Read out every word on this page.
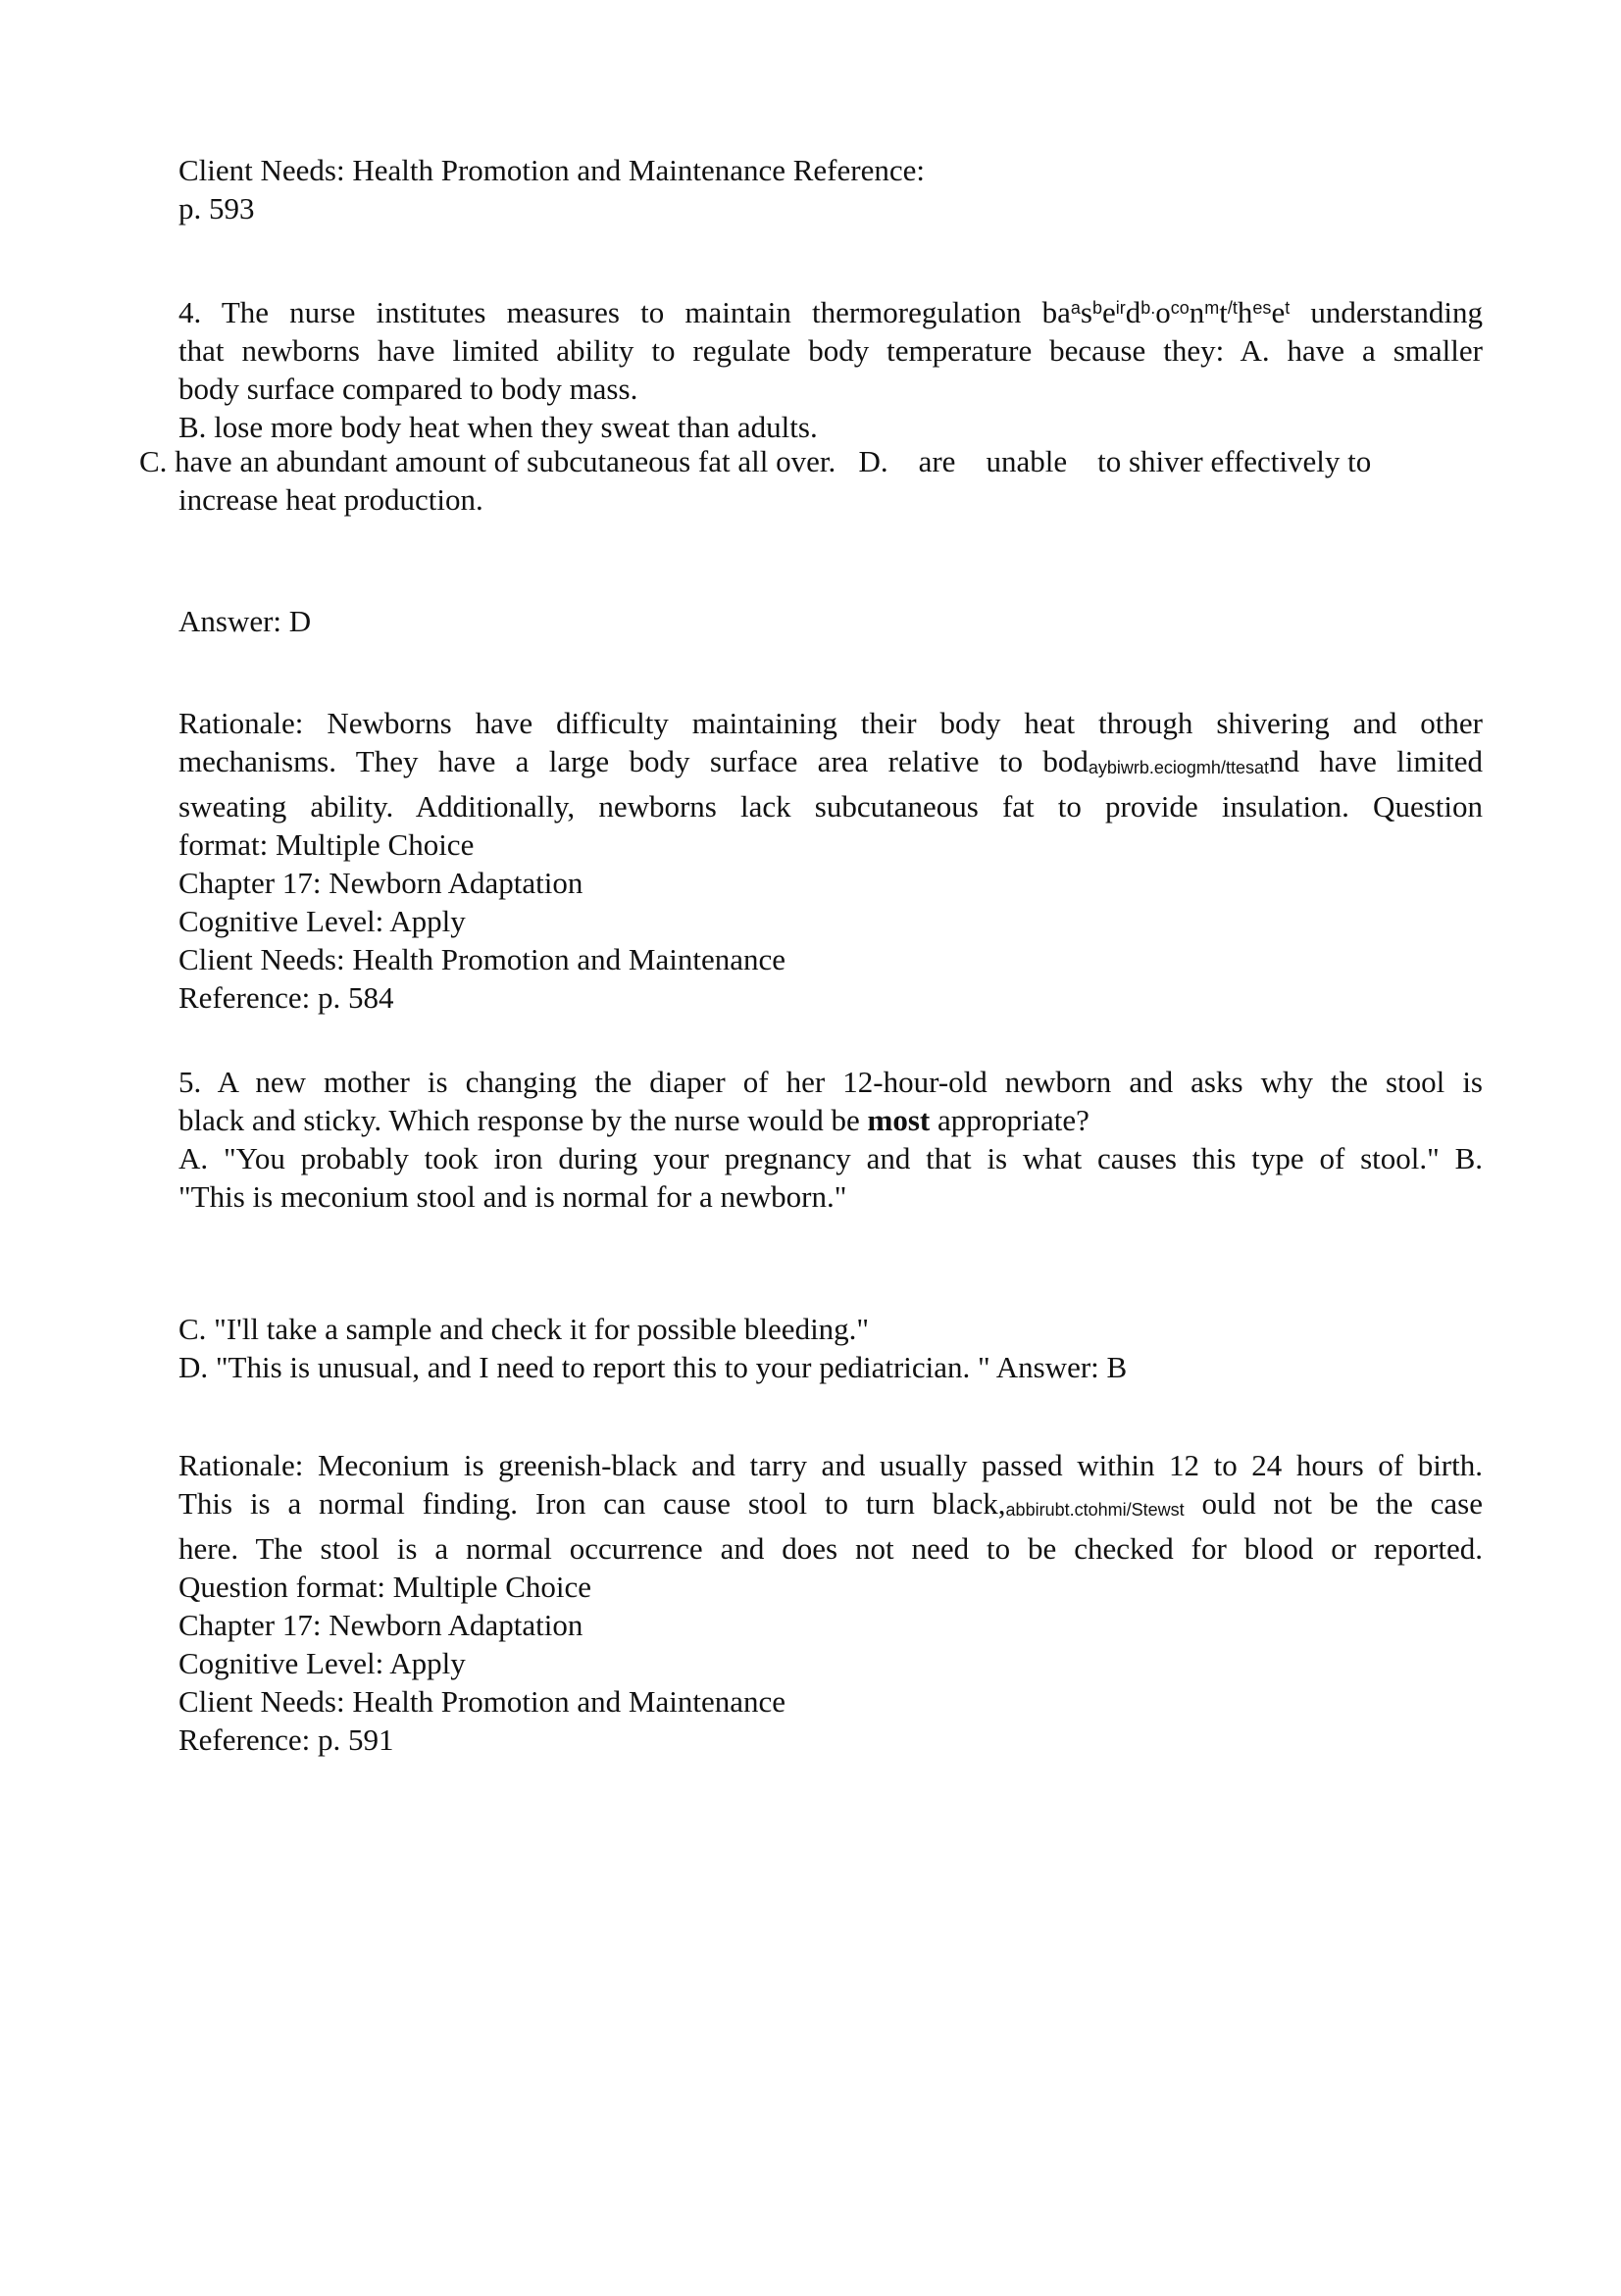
Client Needs: Health Promotion and Maintenance Reference:
p. 593
4. The nurse institutes measures to maintain thermoregulation $ba^as^be^{ir}d^{b.}o^{co}n^mt^{/t}h^{es}e^t$ understanding
that newborns have limited ability to regulate body temperature because they: A. have a smaller
body surface compared to body mass.
B. lose more body heat when they sweat than adults.
C. have an abundant amount of subcutaneous fat all over.   D.    are    unable    to shiver effectively to
increase heat production.
Answer: D
Rationale: Newborns have difficulty maintaining their body heat through shivering and other
mechanisms. They have a large body surface area relative to bodaybiwrb.eciogmh/ttesatnd have limited
sweating ability. Additionally, newborns lack subcutaneous fat to provide insulation. Question
format: Multiple Choice
Chapter 17: Newborn Adaptation
Cognitive Level: Apply
Client Needs: Health Promotion and Maintenance
Reference: p. 584
5. A new mother is changing the diaper of her 12-hour-old newborn and asks why the stool is
black and sticky. Which response by the nurse would be most appropriate?
A. "You probably took iron during your pregnancy and that is what causes this type of stool." B.
"This is meconium stool and is normal for a newborn."
C. "I'll take a sample and check it for possible bleeding."
D. "This is unusual, and I need to report this to your pediatrician. " Answer: B
Rationale: Meconium is greenish-black and tarry and usually passed within 12 to 24 hours of birth.
This is a normal finding. Iron can cause stool to turn black,abbirubt.ctohmi/Stewst ould not be the case
here. The stool is a normal occurrence and does not need to be checked for blood or reported.
Question format: Multiple Choice
Chapter 17: Newborn Adaptation
Cognitive Level: Apply
Client Needs: Health Promotion and Maintenance
Reference: p. 591
